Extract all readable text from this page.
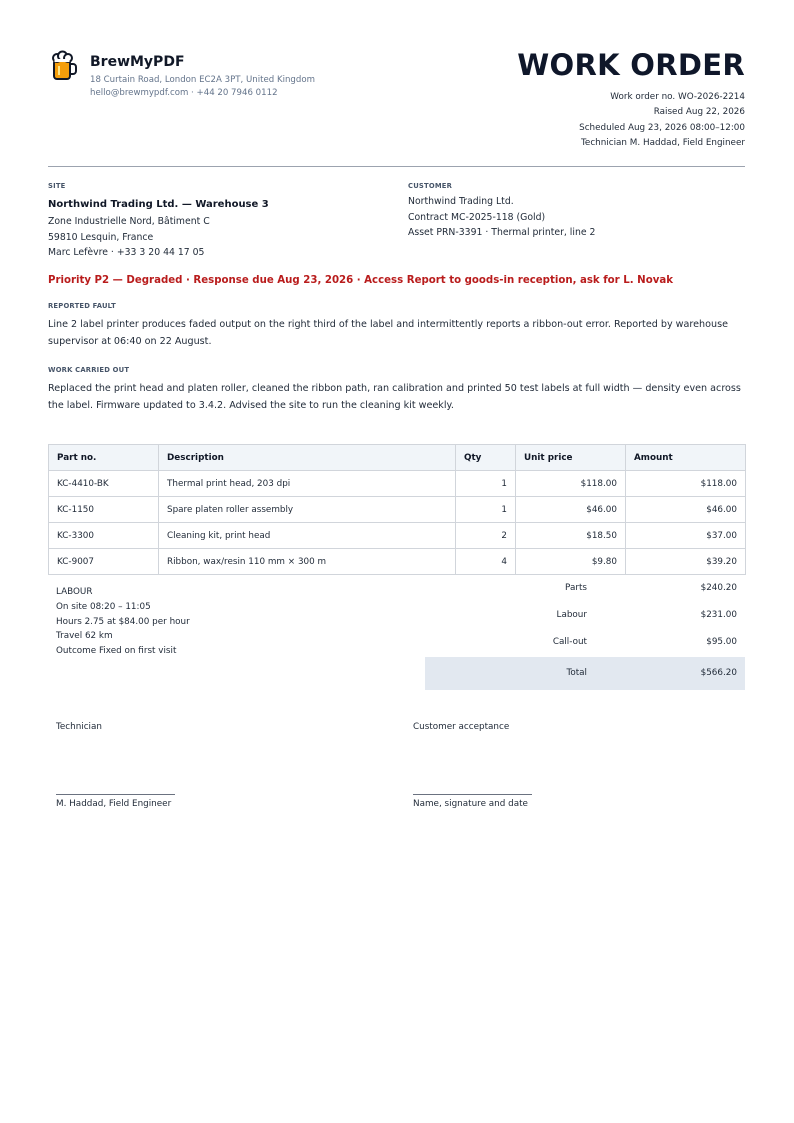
BrewMyPDF
18 Curtain Road, London EC2A 3PT, United Kingdom
hello@brewmypdf.com · +44 20 7946 0112
WORK ORDER
Work order no. WO-2026-2214
Raised Aug 22, 2026
Scheduled Aug 23, 2026 08:00–12:00
Technician M. Haddad, Field Engineer
SITE
Northwind Trading Ltd. — Warehouse 3
Zone Industrielle Nord, Bâtiment C
59810 Lesquin, France
Marc Lefèvre · +33 3 20 44 17 05
CUSTOMER
Northwind Trading Ltd.
Contract MC-2025-118 (Gold)
Asset PRN-3391 · Thermal printer, line 2
Priority P2 — Degraded · Response due Aug 23, 2026 · Access Report to goods-in reception, ask for L. Novak
REPORTED FAULT
Line 2 label printer produces faded output on the right third of the label and intermittently reports a ribbon-out error. Reported by warehouse supervisor at 06:40 on 22 August.
WORK CARRIED OUT
Replaced the print head and platen roller, cleaned the ribbon path, ran calibration and printed 50 test labels at full width — density even across the label. Firmware updated to 3.4.2. Advised the site to run the cleaning kit weekly.
Part no.	Description	Qty	Unit price	Amount
KC-4410-BK	Thermal print head, 203 dpi	1	$118.00	$118.00
KC-1150	Spare platen roller assembly	1	$46.00	$46.00
KC-3300	Cleaning kit, print head	2	$18.50	$37.00
KC-9007	Ribbon, wax/resin 110 mm × 300 m	4	$9.80	$39.20
LABOUR
On site 08:20 – 11:05
Hours 2.75 at $84.00 per hour
Travel 62 km
Outcome Fixed on first visit
Parts	$240.20
Labour	$231.00
Call-out	$95.00
Total	$566.20
Technician
M. Haddad, Field Engineer
Customer acceptance
Name, signature and date
